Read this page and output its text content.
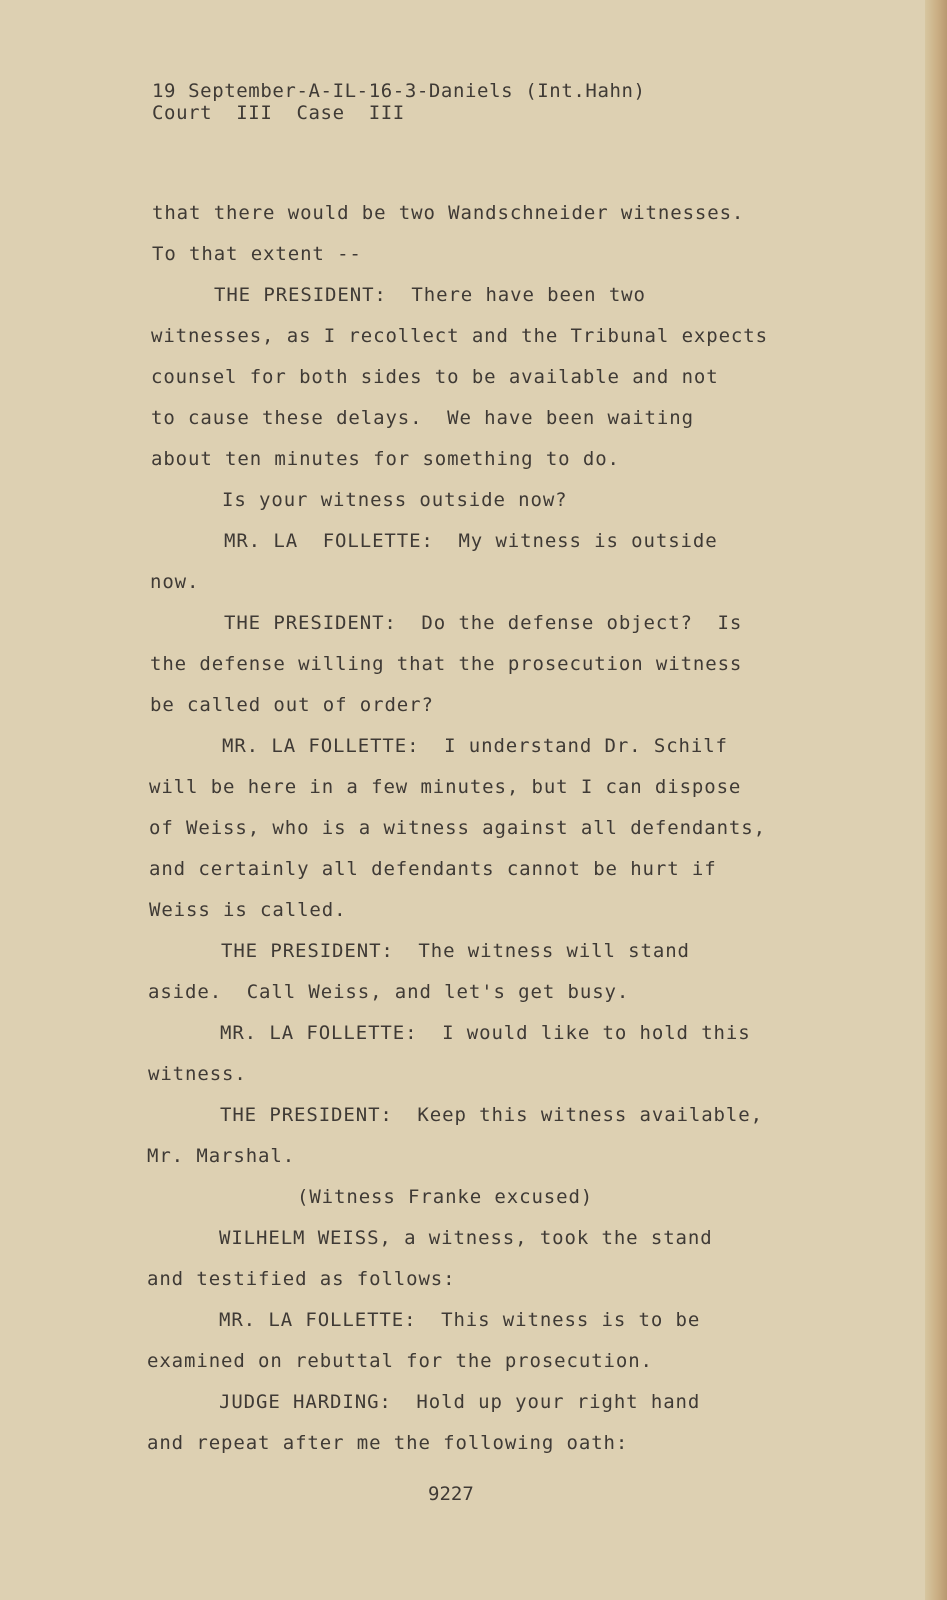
19 September-A-IL-16-3-Daniels (Int.Hahn)
Court  III  Case  III
that there would be two Wandschneider witnesses.
To that extent --
THE PRESIDENT:  There have been two
witnesses, as I recollect and the Tribunal expects
counsel for both sides to be available and not
to cause these delays.  We have been waiting
about ten minutes for something to do.
Is your witness outside now?
MR. LA  FOLLETTE:  My witness is outside
now.
THE PRESIDENT:  Do the defense object?  Is
the defense willing that the prosecution witness
be called out of order?
MR. LA FOLLETTE:  I understand Dr. Schilf
will be here in a few minutes, but I can dispose
of Weiss, who is a witness against all defendants,
and certainly all defendants cannot be hurt if
Weiss is called.
THE PRESIDENT:  The witness will stand
aside.  Call Weiss, and let's get busy.
MR. LA FOLLETTE:  I would like to hold this
witness.
THE PRESIDENT:  Keep this witness available,
Mr. Marshal.
(Witness Franke excused)
WILHELM WEISS, a witness, took the stand
and testified as follows:
MR. LA FOLLETTE:  This witness is to be
examined on rebuttal for the prosecution.
JUDGE HARDING:  Hold up your right hand
and repeat after me the following oath:
9227
